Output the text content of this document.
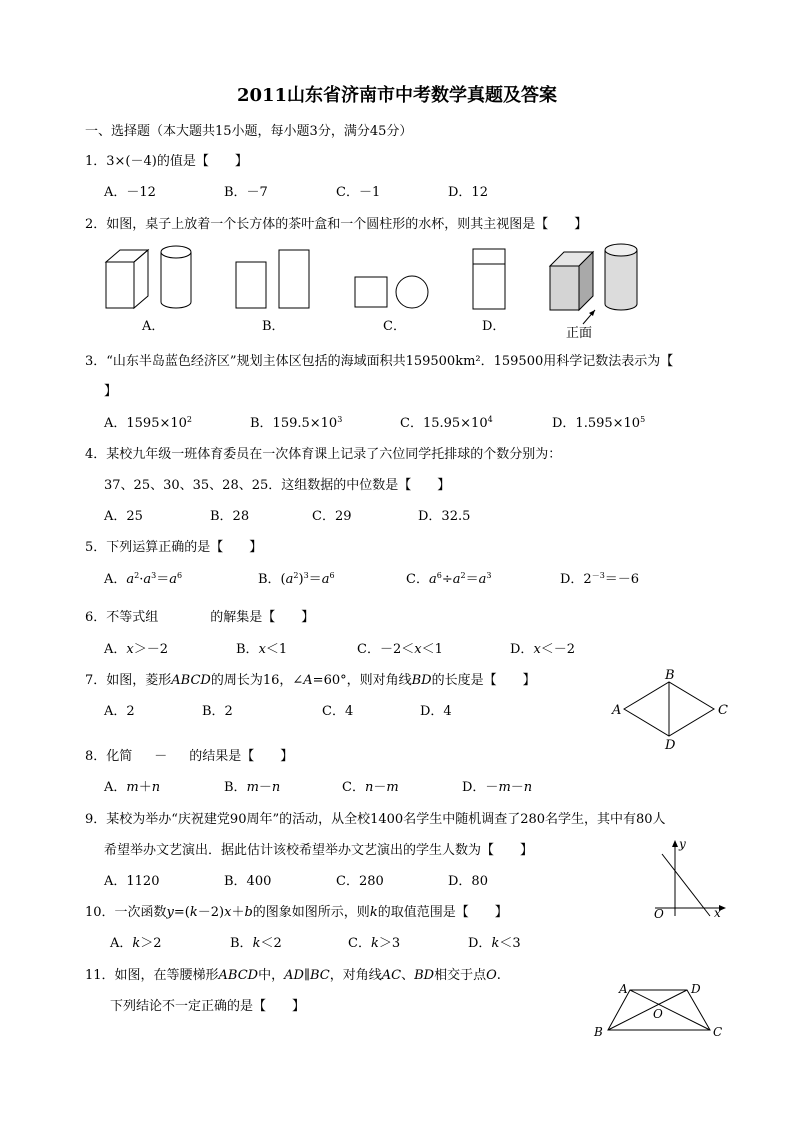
2011山东省济南市中考数学真题及答案
一、选择题（本大题共15小题，每小题3分，满分45分）
1．3×(－4)的值是【　　】
A．－12	B．－7	C．－1	D．12
2．如图，桌子上放着一个长方体的茶叶盒和一个圆柱形的水杯，则其主视图是【　　】
A．	B．	C．	D．	正面
3．“山东半岛蓝色经济区”规划主体区包括的海域面积共159500km²．159500用科学记数法表示为【
】
A．$1595\times 10^2$	B．$159.5\times 10^3$	C．$15.95\times 10^4$	D．$1.595\times 10^5$
4．某校九年级一班体育委员在一次体育课上记录了六位同学托排球的个数分别为：
37、25、30、35、28、25．这组数据的中位数是【　　】
A．25	B．28	C．29	D．32.5
5．下列运算正确的是【　　】
A．$a^2\cdot a^3=a^6$	B．$(a^2)^3=a^6$	C．$a^6\div a^2=a^3$	D．$2^{-3}=-6$
6．不等式组	的解集是【　　】
A．x＞－2	B．x＜1	C．－2＜x＜1	D．x＜－2
7．如图，菱形ABCD的周长为16，∠A=60°，则对角线BD的长度是【　　】
A．2	B．2	C．4	D．4	A
B
C
D
8．化简 － 的结果是【　　】
A．m＋n	B．m－n	C．n－m	D．－m－n
9．某校为举办“庆祝建党90周年”的活动，从全校1400名学生中随机调查了280名学生，其中有80人
希望举办文艺演出．据此估计该校希望举办文艺演出的学生人数为【　　】
A．1120	B．400	C．280	D．80
10．一次函数y=(k－2)x＋b的图象如图所示，则k的取值范围是【　　】
A．k＞2	B．k＜2	C．k＞3	D．k＜3
y
x
O
11．如图，在等腰梯形ABCD中，AD∥BC，对角线AC、BD相交于点O.
下列结论不一定正确的是【　　】
A	D
B	C
O
